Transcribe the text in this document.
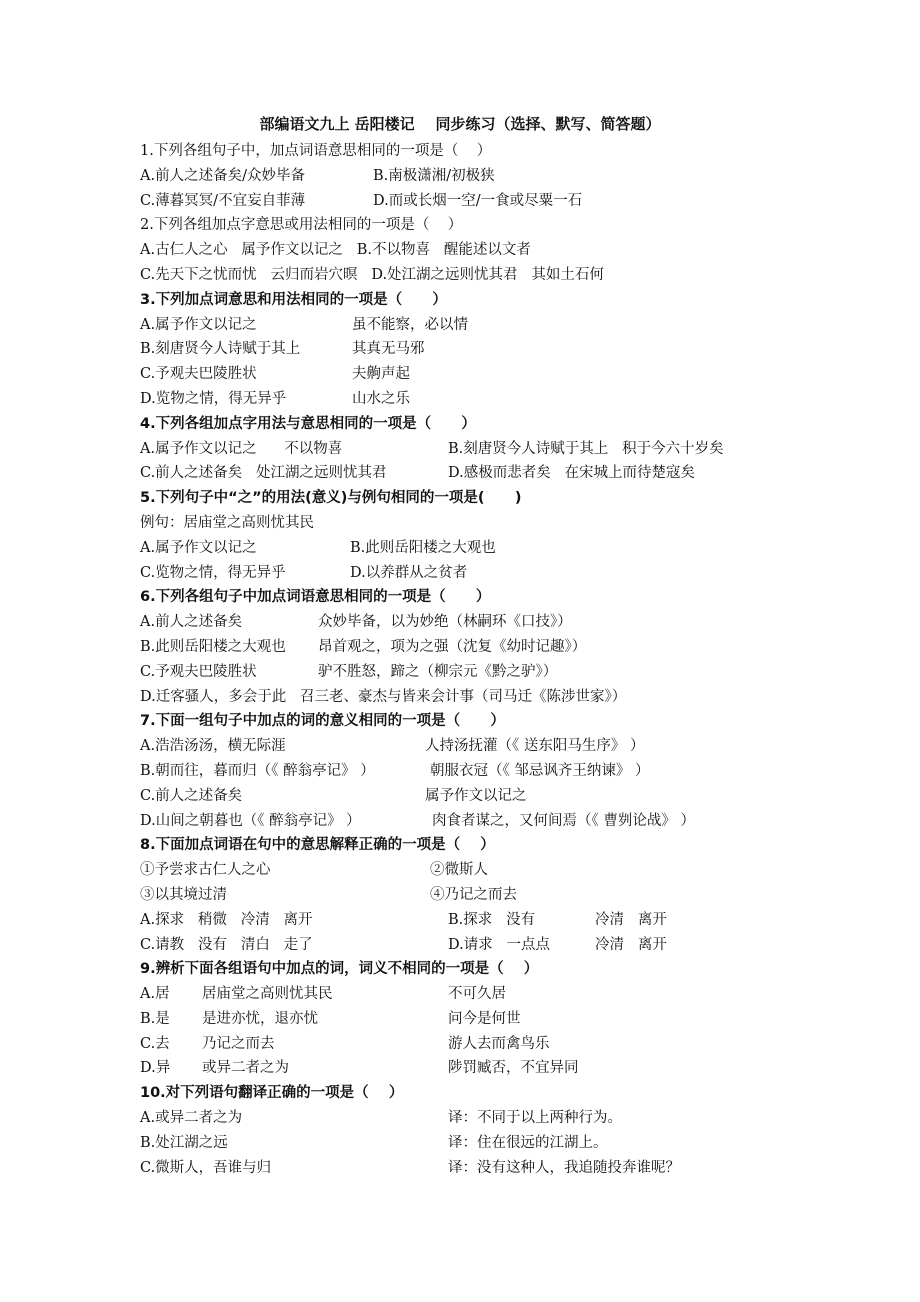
部编语文九上 岳阳楼记    同步练习（选择、默写、简答题）
1.下列各组句子中，加点词语意思相同的一项是（    ）
A.前人之述备矣/众妙毕备	B.南极潇湘/初极狭
C.薄暮冥冥/不宜妄自菲薄	D.而或长烟一空/一食或尽粟一石
2.下列各组加点字意思或用法相同的一项是（    ）
A.古仁人之心   属予作文以记之   B.不以物喜   醒能述以文者
C.先天下之忧而忧   云归而岩穴暝   D.处江湖之远则忧其君   其如土石何
3.下列加点词意思和用法相同的一项是（      ）
A.属予作文以记之	虽不能察，必以情
B.刻唐贤今人诗赋于其上	其真无马邪
C.予观夫巴陵胜状	夫齁声起
D.览物之情，得无异乎	山水之乐
4.下列各组加点字用法与意思相同的一项是（      ）
A.属予作文以记之      不以物喜	B.刻唐贤今人诗赋于其上   积于今六十岁矣
C.前人之述备矣   处江湖之远则忧其君	D.感极而悲者矣   在宋城上而待楚寇矣
5.下列句子中“之”的用法(意义)与例句相同的一项是(      )
例句：居庙堂之高则忧其民
A.属予作文以记之	B.此则岳阳楼之大观也
C.览物之情，得无异乎	D.以养群从之贫者
6.下列各组句子中加点词语意思相同的一项是（      ）
A.前人之述备矣	众妙毕备，以为妙绝（林嗣环《口技》）
B.此则岳阳楼之大观也 昂首观之，项为之强（沈复《幼时记趣》）
C.予观夫巴陵胜状	驴不胜怒，蹄之（柳宗元《黔之驴》）
D.迁客骚人，多会于此   召三老、豪杰与皆来会计事（司马迁《陈涉世家》）
7.下面一组句子中加点的词的意义相同的一项是（      ）
A.浩浩汤汤，横无际涯	人持汤抚灌（《 送东阳马生序》 ）
B.朝而往，暮而归（《 醉翁亭记》 ）	朝服衣冠（《 邹忌讽齐王纳谏》 ）
C.前人之述备矣	属予作文以记之
D.山间之朝暮也（《 醉翁亭记》 ）	肉食者谋之，又何间焉（《 曹刿论战》 ）
8.下面加点词语在句中的意思解释正确的一项是（    ）
①予尝求古仁人之心	②微斯人
③以其境过清	④乃记之而去
A.探求   稍微   冷清   离开	B.探求   没有	冷清   离开
C.请教   没有   清白   走了	D.请求   一点点	冷清   离开
9.辨析下面各组语句中加点的词，词义不相同的一项是（    ）
A.居 居庙堂之高则忧其民	不可久居
B.是 是进亦忧，退亦忧	问今是何世
C.去 乃记之而去	游人去而禽鸟乐
D.异 或异二者之为	陟罚臧否，不宜异同
10.对下列语句翻译正确的一项是（    ）
A.或异二者之为	译：不同于以上两种行为。
B.处江湖之远	译：住在很远的江湖上。
C.微斯人，吾谁与归	译：没有这种人，我追随投奔谁呢？
